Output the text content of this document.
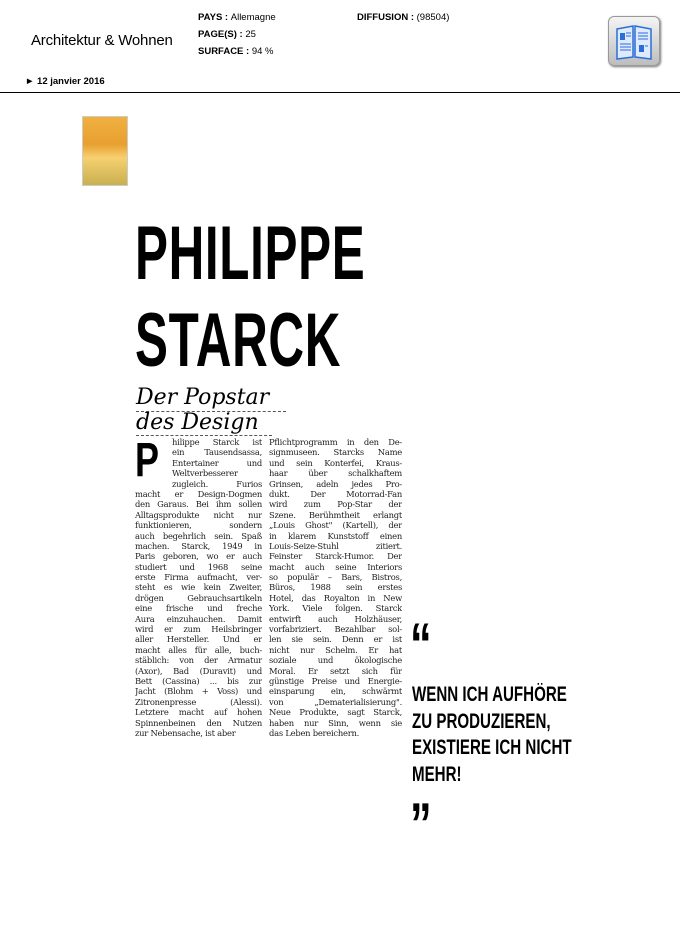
Architektur & Wohnen
PAYS : Allemagne
PAGE(S) : 25
SURFACE : 94 %
DIFFUSION : (98504)
► 12 janvier 2016
PHILIPPE
STARCK
Der Popstar
des Design
P hilippe Starck ist
ein Tausendsassa,
Entertainer und
Weltverbesserer
zugleich. Furios
macht er Design-Dogmen
den Garaus. Bei ihm sollen
Alltagsprodukte nicht nur
funktionieren, sondern
auch begehrlich sein. Spaß
machen. Starck, 1949 in
Paris geboren, wo er auch
studiert und 1968 seine
erste Firma aufmacht, ver-
steht es wie kein Zweiter,
drögen Gebrauchsartikeln
eine frische und freche
Aura einzuhauchen. Damit
wird er zum Heilsbringer
aller Hersteller. Und er
macht alles für alle, buch-
stäblich: von der Armatur
(Axor), Bad (Duravit) und
Bett (Cassina) ... bis zur
Jacht (Blohm + Voss) und
Zitronenpresse (Alessi).
Letztere macht auf hohen
Spinnenbeinen den Nutzen
zur Nebensache, ist aber
Pflichtprogramm in den De-
signmuseen. Starcks Name
und sein Konterfei, Kraus-
haar über schalkhaftem
Grinsen, adeln jedes Pro-
dukt. Der Motorrad-Fan
wird zum Pop-Star der
Szene. Berühmtheit erlangt
„Louis Ghost" (Kartell), der
in klarem Kunststoff einen
Louis-Seize-Stuhl zitiert.
Feinster Starck-Humor. Der
macht auch seine Interiors
so populär – Bars, Bistros,
Büros, 1988 sein erstes
Hotel, das Royalton in New
York. Viele folgen. Starck
entwirft auch Holzhäuser,
vorfabriziert. Bezahlbar sol-
len sie sein. Denn er ist
nicht nur Schelm. Er hat
soziale und ökologische
Moral. Er setzt sich für
günstige Preise und Energie-
einsparung ein, schwärmt
von „Dematerialisierung".
Neue Produkte, sagt Starck,
haben nur Sinn, wenn sie
das Leben bereichern.
“
WENN ICH AUFHÖRE
ZU PRODUZIEREN,
EXISTIERE ICH NICHT
MEHR!
”
